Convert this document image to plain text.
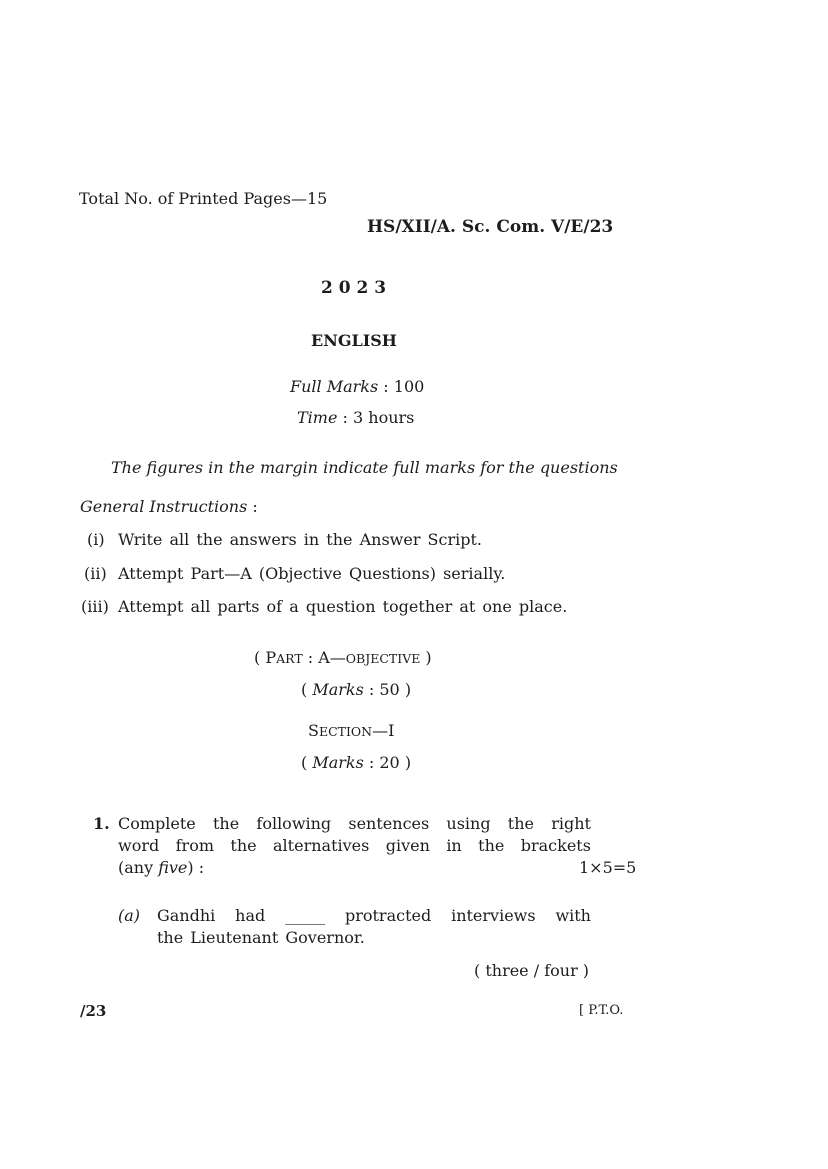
Total No. of Printed Pages—15
HS/XII/A. Sc. Com. V/E/23
2 0 2 3
ENGLISH
Full Marks : 100
Time : 3 hours
The figures in the margin indicate full marks for the questions
General Instructions :
(i) Write all the answers in the Answer Script.
(ii) Attempt Part—A (Objective Questions) serially.
(iii) Attempt all parts of a question together at one place.
( PART : A—OBJECTIVE )
( Marks : 50 )
SECTION—I
( Marks : 20 )
1. Complete the following sentences using the right
word from the alternatives given in the brackets
(any five) :	1×5=5
(a) Gandhi had _____ protracted interviews with
the Lieutenant Governor.
( three / four )
/23	[ P.T.O.
